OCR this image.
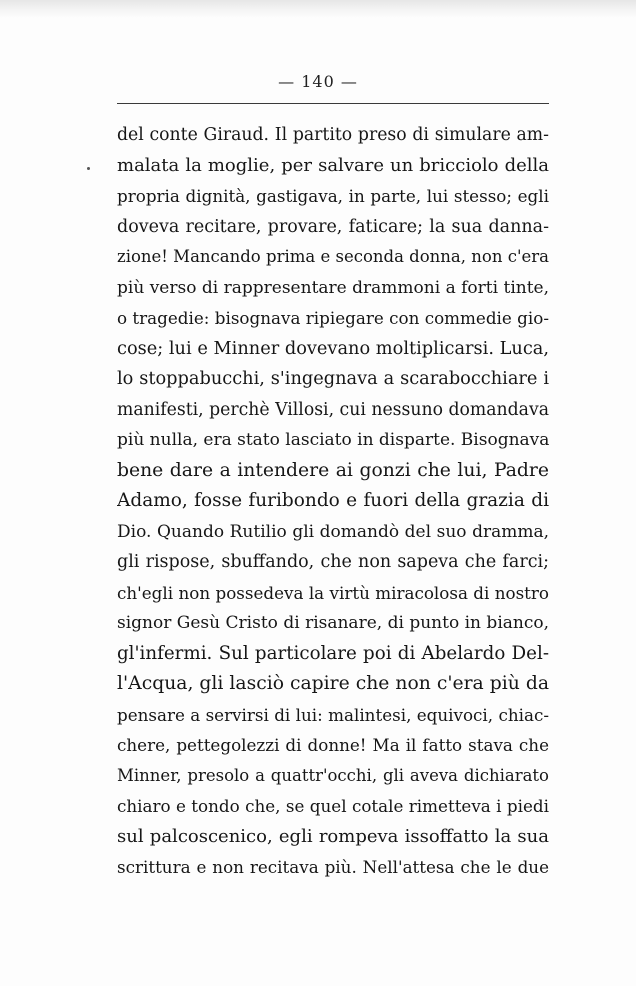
— 140 —
del conte Giraud. Il partito preso di simulare am-
malata la moglie, per salvare un bricciolo della
propria dignità, gastigava, in parte, lui stesso; egli
doveva recitare, provare, faticare; la sua danna-
zione! Mancando prima e seconda donna, non c'era
più verso di rappresentare drammoni a forti tinte,
o tragedie: bisognava ripiegare con commedie gio-
cose; lui e Minner dovevano moltiplicarsi. Luca,
lo stoppabucchi, s'ingegnava a scarabocchiare i
manifesti, perchè Villosi, cui nessuno domandava
più nulla, era stato lasciato in disparte. Bisognava
bene dare a intendere ai gonzi che lui, Padre
Adamo, fosse furibondo e fuori della grazia di
Dio. Quando Rutilio gli domandò del suo dramma,
gli rispose, sbuffando, che non sapeva che farci;
ch'egli non possedeva la virtù miracolosa di nostro
signor Gesù Cristo di risanare, di punto in bianco,
gl'infermi. Sul particolare poi di Abelardo Del-
l'Acqua, gli lasciò capire che non c'era più da
pensare a servirsi di lui: malintesi, equivoci, chiac-
chere, pettegolezzi di donne! Ma il fatto stava che
Minner, presolo a quattr'occhi, gli aveva dichiarato
chiaro e tondo che, se quel cotale rimetteva i piedi
sul palcoscenico, egli rompeva issoffatto la sua
scrittura e non recitava più. Nell'attesa che le due
